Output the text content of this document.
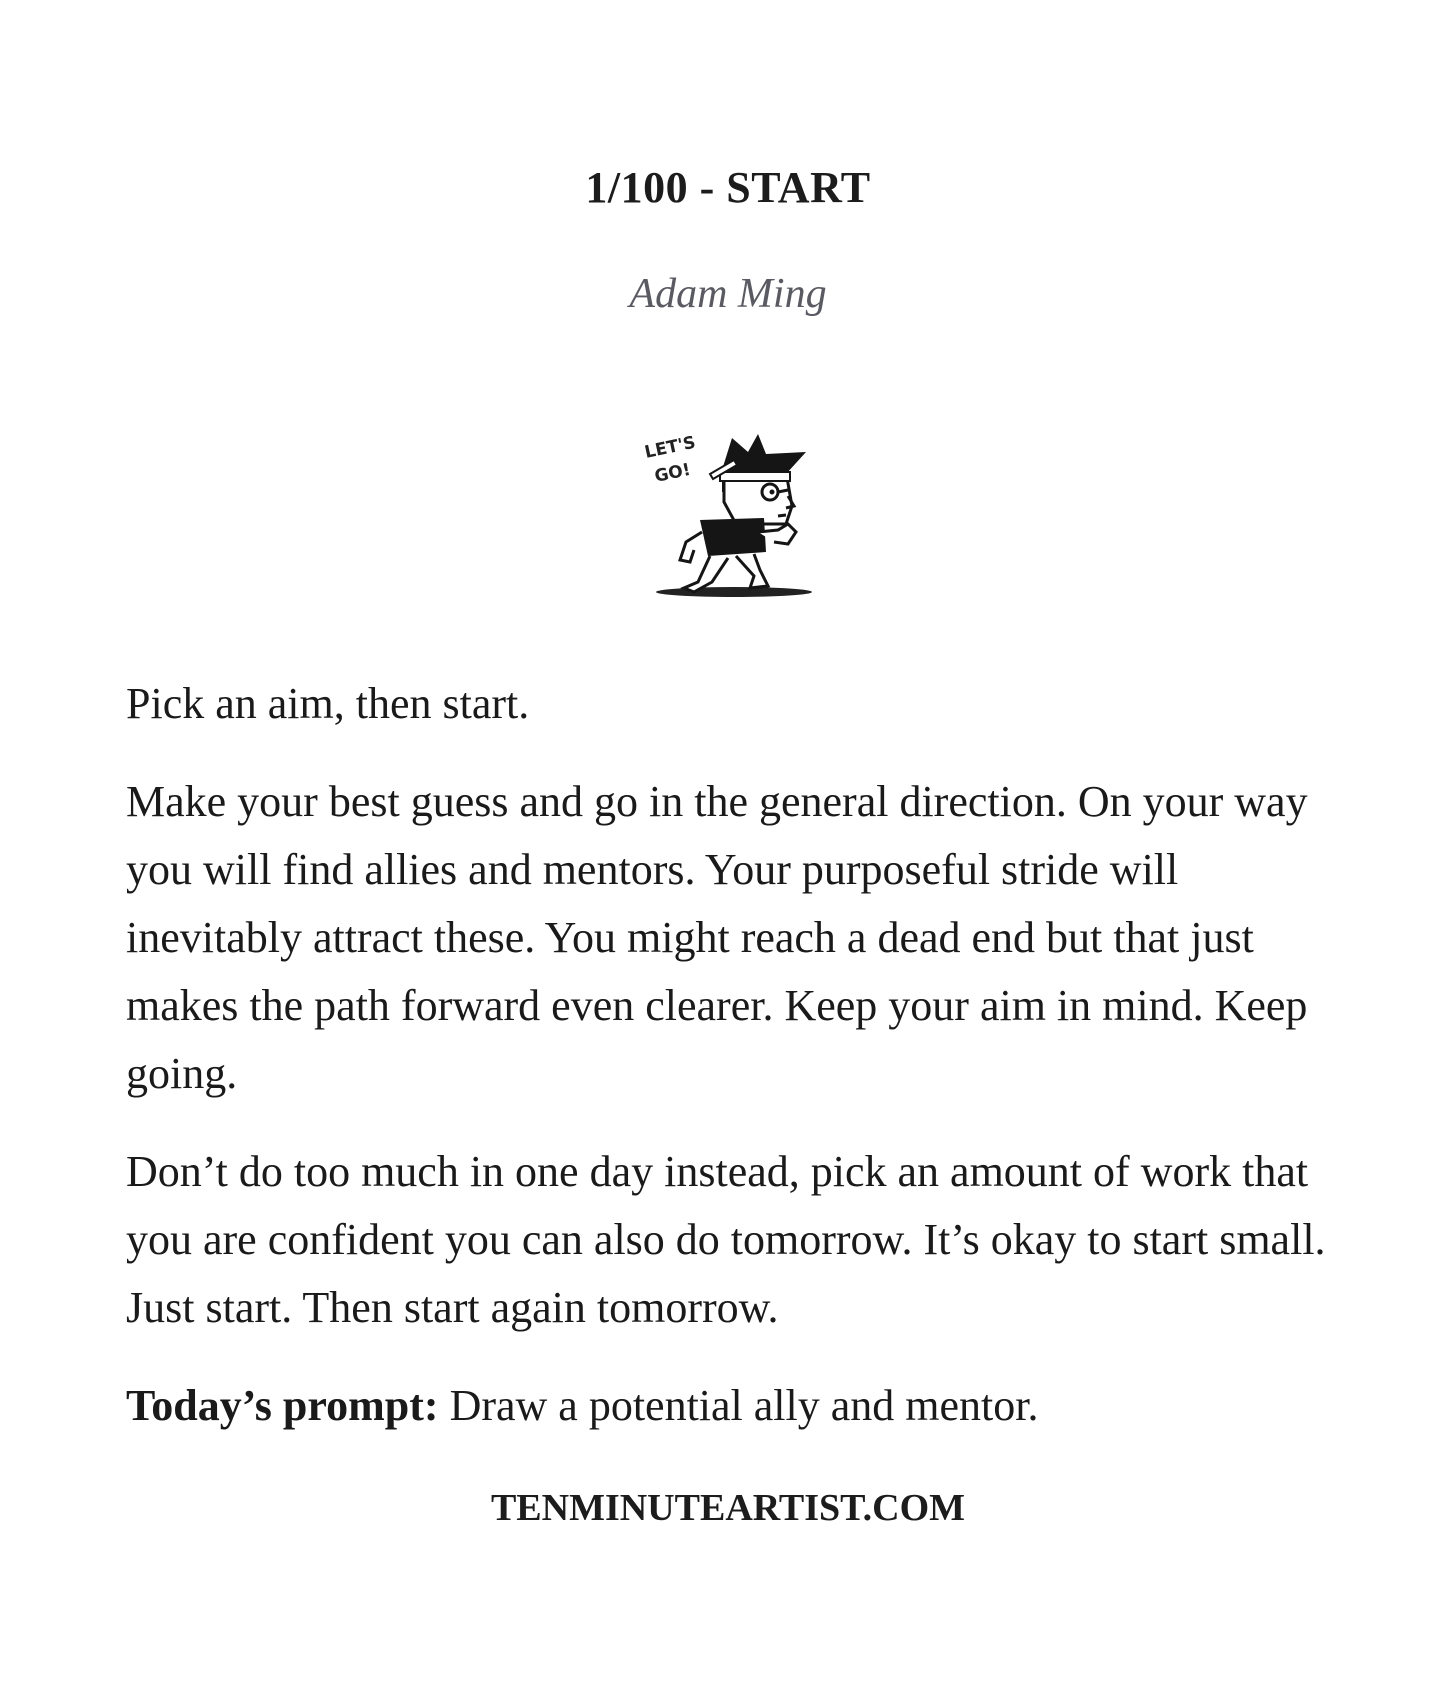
1/100 - START

Adam Ming

LET'S
GO!

Pick an aim, then start.

Make your best guess and go in the general direction. On your way you will find allies and mentors. Your purposeful stride will inevitably attract these. You might reach a dead end but that just makes the path forward even clearer. Keep your aim in mind. Keep going.

Don’t do too much in one day instead, pick an amount of work that you are confident you can also do tomorrow. It’s okay to start small. Just start. Then start again tomorrow.

Today’s prompt: Draw a potential ally and mentor.

TENMINUTEARTIST.COM
